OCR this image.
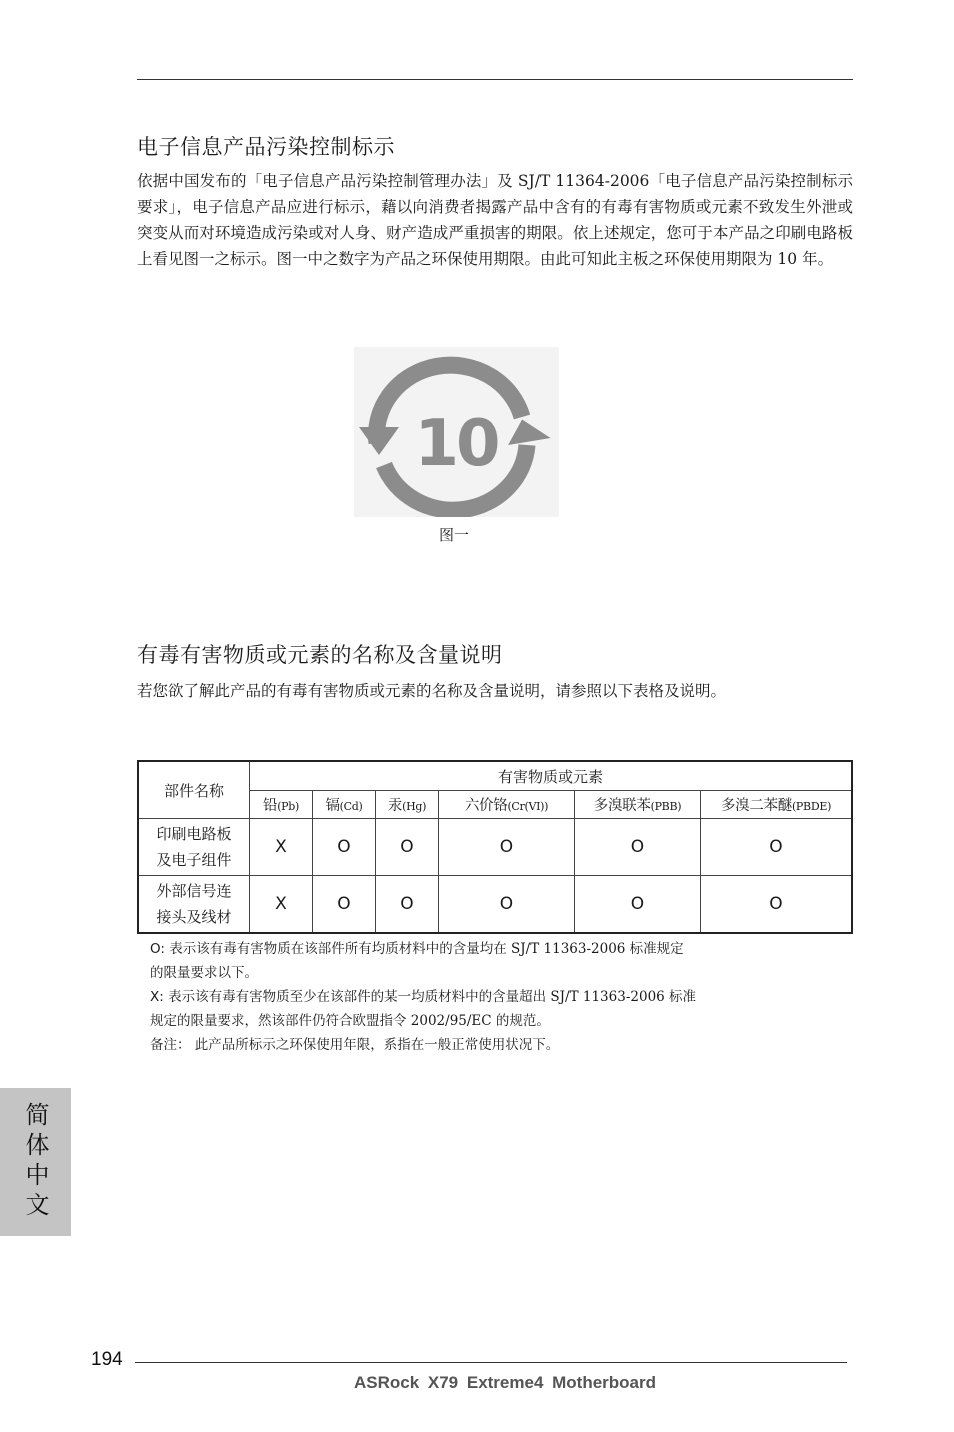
电子信息产品污染控制标示

依据中国发布的「电子信息产品污染控制管理办法」及 SJ/T 11364-2006「电子信息产品污染控制标示要求」，电子信息产品应进行标示，藉以向消费者揭露产品中含有的有毒有害物质或元素不致发生外泄或突变从而对环境造成污染或对人身、财产造成严重损害的期限。依上述规定，您可于本产品之印刷电路板上看见图一之标示。图一中之数字为产品之环保使用期限。由此可知此主板之环保使用期限为 10 年。

10
图一
有毒有害物质或元素的名称及含量说明

若您欲了解此产品的有毒有害物质或元素的名称及含量说明，请参照以下表格及说明。

部件名称	有害物质或元素					
	铅(Pb)	镉(Cd)	汞(Hg)	六价铬(Cr(VI))	多溴联苯(PBB)	多溴二苯醚(PBDE)
印刷电路板
及电子组件	X	O	O	O	O	O
外部信号连
接头及线材	X	O	O	O	O	O

O: 表示该有毒有害物质在该部件所有均质材料中的含量均在 SJ/T 11363-2006 标准规定

的限量要求以下。

X: 表示该有毒有害物质至少在该部件的某一均质材料中的含量超出 SJ/T 11363-2006 标准

规定的限量要求，然该部件仍符合欧盟指令 2002/95/EC 的规范。

备注： 此产品所标示之环保使用年限，系指在一般正常使用状况下。

简体中文
194
ASRock X79 Extreme4 Motherboard
